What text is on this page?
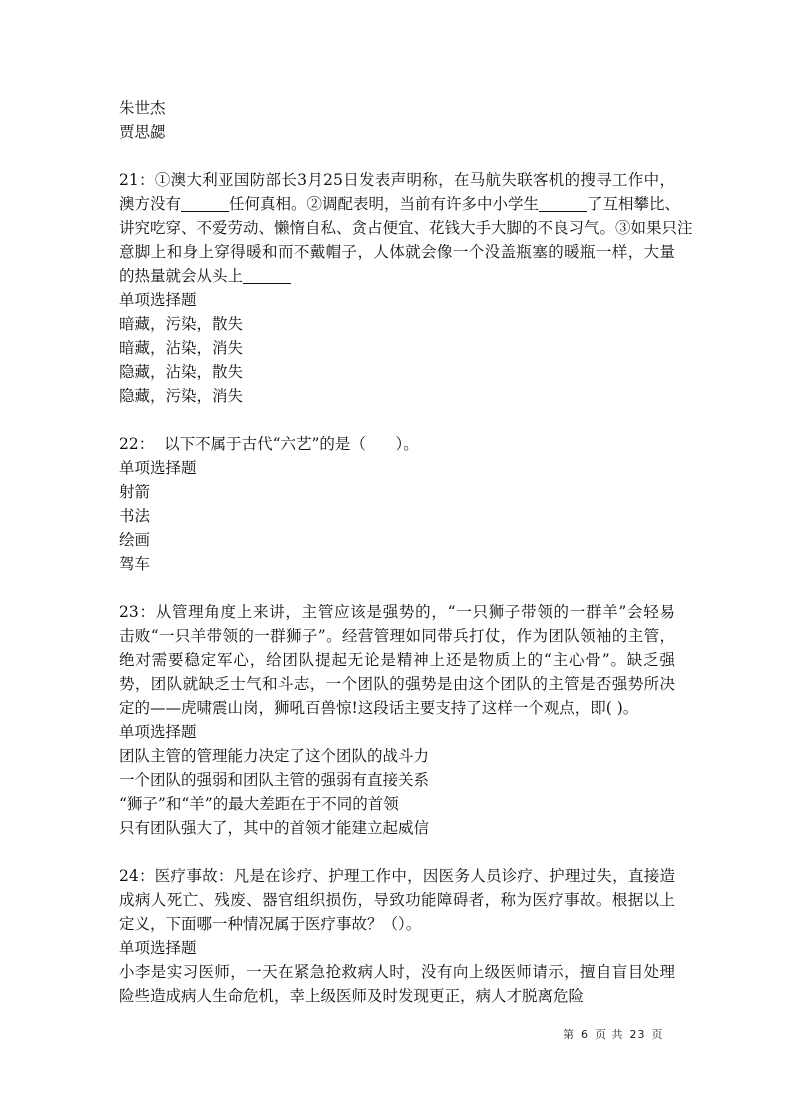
朱世杰
贾思勰
21：①澳大利亚国防部长3月25日发表声明称，在马航失联客机的搜寻工作中，
澳方没有	任何真相。②调配表明，当前有许多中小学生	了互相攀比、
讲究吃穿、不爱劳动、懒惰自私、贪占便宜、花钱大手大脚的不良习气。③如果只注
意脚上和身上穿得暖和而不戴帽子，人体就会像一个没盖瓶塞的暖瓶一样，大量
的热量就会从头上
单项选择题
暗藏，污染，散失
暗藏，沾染，消失
隐藏，沾染，散失
隐藏，污染，消失
22：  以下不属于古代“六艺”的是（      ）。
单项选择题
射箭
书法
绘画
驾车
23：从管理角度上来讲，主管应该是强势的，“一只狮子带领的一群羊”会轻易
击败“一只羊带领的一群狮子”。经营管理如同带兵打仗，作为团队领袖的主管，
绝对需要稳定军心，给团队提起无论是精神上还是物质上的“主心骨”。缺乏强
势，团队就缺乏士气和斗志，一个团队的强势是由这个团队的主管是否强势所决
定的——虎啸震山岗，狮吼百兽惊!这段话主要支持了这样一个观点，即( )。
单项选择题
团队主管的管理能力决定了这个团队的战斗力
一个团队的强弱和团队主管的强弱有直接关系
“狮子”和“羊”的最大差距在于不同的首领
只有团队强大了，其中的首领才能建立起威信
24：医疗事故：凡是在诊疗、护理工作中，因医务人员诊疗、护理过失，直接造
成病人死亡、残废、器官组织损伤，导致功能障碍者，称为医疗事故。根据以上
定义，下面哪一种情况属于医疗事故？（）。
单项选择题
小李是实习医师，一天在紧急抢救病人时，没有向上级医师请示，擅自盲目处理
险些造成病人生命危机，幸上级医师及时发现更正，病人才脱离危险
第 6 页 共 23 页
